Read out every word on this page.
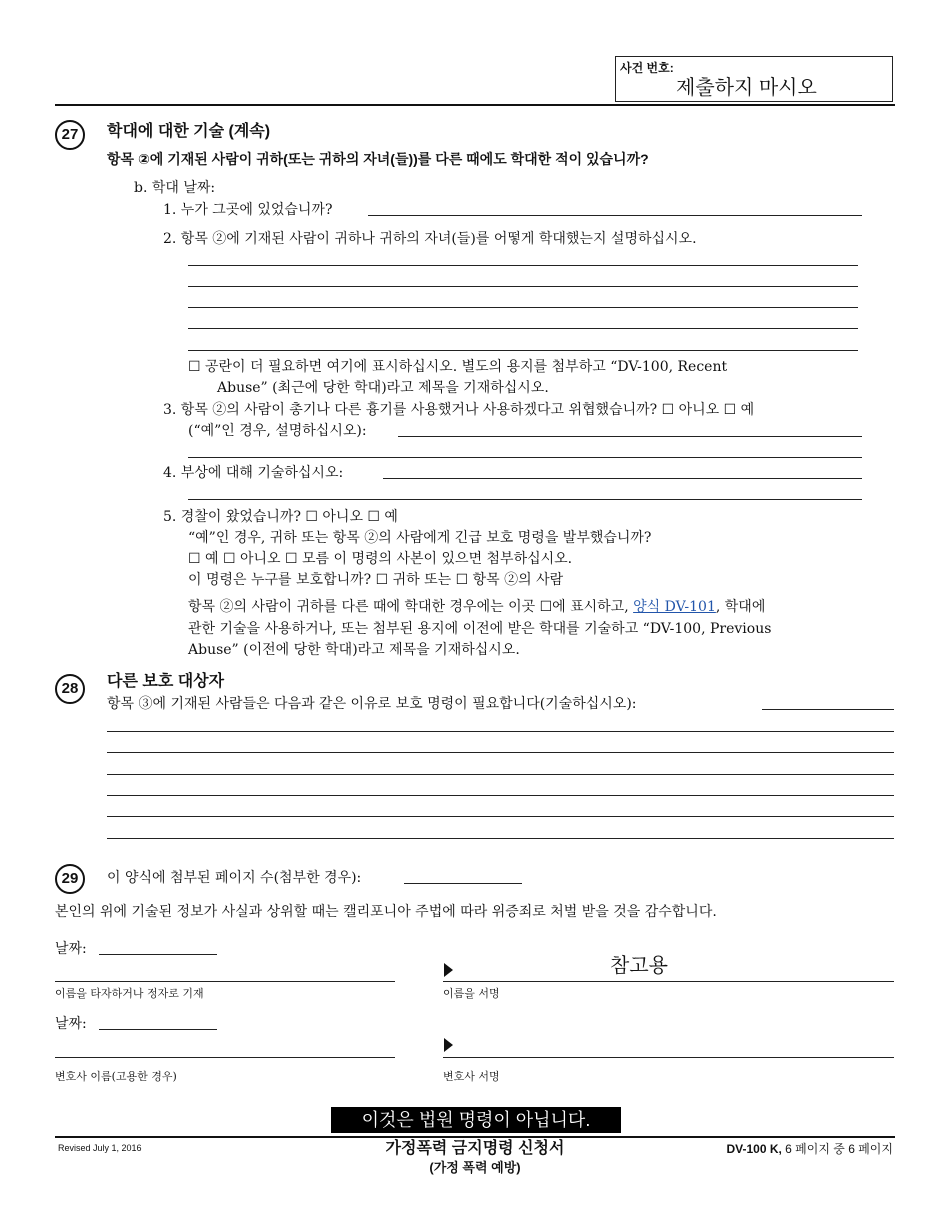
사건 번호:
제출하지 마시오
27	학대에 대한 기술 (계속)
항목 ②에 기재된 사람이 귀하(또는 귀하의 자녀(들))를 다른 때에도 학대한 적이 있습니까?
b. 학대 날짜:
1. 누가 그곳에 있었습니까?
2. 항목 ②에 기재된 사람이 귀하나 귀하의 자녀(들)를 어떻게 학대했는지 설명하십시오.
☐ 공란이 더 필요하면 여기에 표시하십시오. 별도의 용지를 첨부하고 “DV-100, Recent
Abuse” (최근에 당한 학대)라고 제목을 기재하십시오.
3. 항목 ②의 사람이 총기나 다른 흉기를 사용했거나 사용하겠다고 위협했습니까? ☐ 아니오 ☐ 예
(“예”인 경우, 설명하십시오):
4. 부상에 대해 기술하십시오:
5. 경찰이 왔었습니까? ☐ 아니오 ☐ 예
“예”인 경우, 귀하 또는 항목 ②의 사람에게 긴급 보호 명령을 발부했습니까?
☐ 예 ☐ 아니오 ☐ 모름 이 명령의 사본이 있으면 첨부하십시오.
이 명령은 누구를 보호합니까? ☐ 귀하 또는 ☐ 항목 ②의 사람
항목 ②의 사람이 귀하를 다른 때에 학대한 경우에는 이곳 ☐에 표시하고, 양식 DV-101, 학대에
관한 기술을 사용하거나, 또는 첨부된 용지에 이전에 받은 학대를 기술하고 “DV-100, Previous
Abuse” (이전에 당한 학대)라고 제목을 기재하십시오.
28	다른 보호 대상자
항목 ③에 기재된 사람들은 다음과 같은 이유로 보호 명령이 필요합니다(기술하십시오):
29	이 양식에 첨부된 페이지 수(첨부한 경우):
본인의 위에 기술된 정보가 사실과 상위할 때는 캘리포니아 주법에 따라 위증죄로 처벌 받을 것을 감수합니다.
날짜:
참고용
이름을 타자하거나 정자로 기재	이름을 서명
날짜:
변호사 이름(고용한 경우)	변호사 서명
이것은 법원 명령이 아닙니다.
Revised July 1, 2016	가정폭력 금지명령 신청서
(가정 폭력 예방)
DV-100 K, 6 페이지 중 6 페이지
